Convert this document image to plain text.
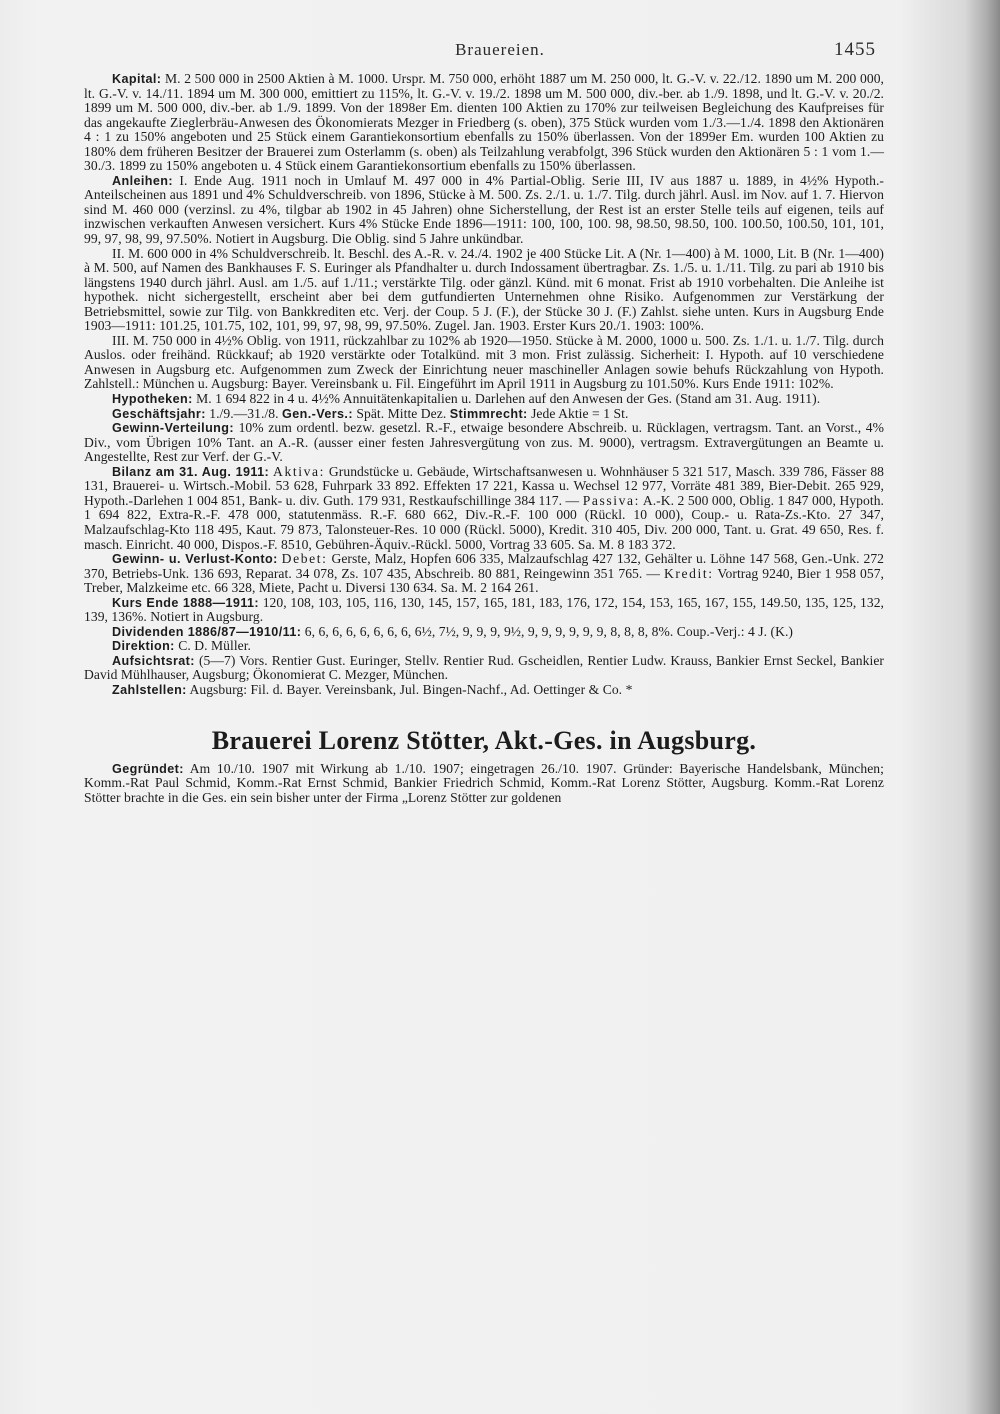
Brauereien.	1455

Kapital: M. 2 500 000 in 2500 Aktien à M. 1000. Urspr. M. 750 000, erhöht 1887 um M. 250 000, lt. G.-V. v. 22./12. 1890 um M. 200 000, lt. G.-V. v. 14./11. 1894 um M. 300 000, emittiert zu 115%, lt. G.-V. v. 19./2. 1898 um M. 500 000, div.-ber. ab 1./9. 1898, und lt. G.-V. v. 20./2. 1899 um M. 500 000, div.-ber. ab 1./9. 1899. Von der 1898er Em. dienten 100 Aktien zu 170% zur teilweisen Begleichung des Kaufpreises für das angekaufte Zieglerbräu-Anwesen des Ökonomierats Mezger in Friedberg (s. oben), 375 Stück wurden vom 1./3.—1./4. 1898 den Aktionären 4 : 1 zu 150% angeboten und 25 Stück einem Garantiekonsortium ebenfalls zu 150% überlassen. Von der 1899er Em. wurden 100 Aktien zu 180% dem früheren Besitzer der Brauerei zum Osterlamm (s. oben) als Teilzahlung verabfolgt, 396 Stück wurden den Aktionären 5 : 1 vom 1.—30./3. 1899 zu 150% angeboten u. 4 Stück einem Garantiekonsortium ebenfalls zu 150% überlassen.

Anleihen: I. Ende Aug. 1911 noch in Umlauf M. 497 000 in 4% Partial-Oblig. Serie III, IV aus 1887 u. 1889, in 4½% Hypoth.-Anteilscheinen aus 1891 und 4% Schuldverschreib. von 1896, Stücke à M. 500. Zs. 2./1. u. 1./7. Tilg. durch jährl. Ausl. im Nov. auf 1. 7. Hiervon sind M. 460 000 (verzinsl. zu 4%, tilgbar ab 1902 in 45 Jahren) ohne Sicherstellung, der Rest ist an erster Stelle teils auf eigenen, teils auf inzwischen verkauften Anwesen versichert. Kurs 4% Stücke Ende 1896—1911: 100, 100, 100. 98, 98.50, 98.50, 100. 100.50, 100.50, 101, 101, 99, 97, 98, 99, 97.50%. Notiert in Augsburg. Die Oblig. sind 5 Jahre unkündbar.

II. M. 600 000 in 4% Schuldverschreib. lt. Beschl. des A.-R. v. 24./4. 1902 je 400 Stücke Lit. A (Nr. 1—400) à M. 1000, Lit. B (Nr. 1—400) à M. 500, auf Namen des Bankhauses F. S. Euringer als Pfandhalter u. durch Indossament übertragbar. Zs. 1./5. u. 1./11. Tilg. zu pari ab 1910 bis längstens 1940 durch jährl. Ausl. am 1./5. auf 1./11.; verstärkte Tilg. oder gänzl. Künd. mit 6 monat. Frist ab 1910 vorbehalten. Die Anleihe ist hypothek. nicht sichergestellt, erscheint aber bei dem gutfundierten Unternehmen ohne Risiko. Aufgenommen zur Verstärkung der Betriebsmittel, sowie zur Tilg. von Bankkrediten etc. Verj. der Coup. 5 J. (F.), der Stücke 30 J. (F.) Zahlst. siehe unten. Kurs in Augsburg Ende 1903—1911: 101.25, 101.75, 102, 101, 99, 97, 98, 99, 97.50%. Zugel. Jan. 1903. Erster Kurs 20./1. 1903: 100%.

III. M. 750 000 in 4½% Oblig. von 1911, rückzahlbar zu 102% ab 1920—1950. Stücke à M. 2000, 1000 u. 500. Zs. 1./1. u. 1./7. Tilg. durch Auslos. oder freihänd. Rückkauf; ab 1920 verstärkte oder Totalkünd. mit 3 mon. Frist zulässig. Sicherheit: I. Hypoth. auf 10 verschiedene Anwesen in Augsburg etc. Aufgenommen zum Zweck der Einrichtung neuer maschineller Anlagen sowie behufs Rückzahlung von Hypoth. Zahlstell.: München u. Augsburg: Bayer. Vereinsbank u. Fil. Eingeführt im April 1911 in Augsburg zu 101.50%. Kurs Ende 1911: 102%.

Hypotheken: M. 1 694 822 in 4 u. 4½% Annuitätenkapitalien u. Darlehen auf den Anwesen der Ges. (Stand am 31. Aug. 1911).

Geschäftsjahr: 1./9.—31./8. Gen.-Vers.: Spät. Mitte Dez. Stimmrecht: Jede Aktie = 1 St.

Gewinn-Verteilung: 10% zum ordentl. bezw. gesetzl. R.-F., etwaige besondere Abschreib. u. Rücklagen, vertragsm. Tant. an Vorst., 4% Div., vom Übrigen 10% Tant. an A.-R. (ausser einer festen Jahresvergütung von zus. M. 9000), vertragsm. Extravergütungen an Beamte u. Angestellte, Rest zur Verf. der G.-V.

Bilanz am 31. Aug. 1911: Aktiva: Grundstücke u. Gebäude, Wirtschaftsanwesen u. Wohnhäuser 5 321 517, Masch. 339 786, Fässer 88 131, Brauerei- u. Wirtsch.-Mobil. 53 628, Fuhrpark 33 892. Effekten 17 221, Kassa u. Wechsel 12 977, Vorräte 481 389, Bier-Debit. 265 929, Hypoth.-Darlehen 1 004 851, Bank- u. div. Guth. 179 931, Restkaufschillinge 384 117. — Passiva: A.-K. 2 500 000, Oblig. 1 847 000, Hypoth. 1 694 822, Extra-R.-F. 478 000, statutenmäss. R.-F. 680 662, Div.-R.-F. 100 000 (Rückl. 10 000), Coup.- u. Rata-Zs.-Kto. 27 347, Malzaufschlag-Kto 118 495, Kaut. 79 873, Talonsteuer-Res. 10 000 (Rückl. 5000), Kredit. 310 405, Div. 200 000, Tant. u. Grat. 49 650, Res. f. masch. Einricht. 40 000, Dispos.-F. 8510, Gebühren-Äquiv.-Rückl. 5000, Vortrag 33 605. Sa. M. 8 183 372.

Gewinn- u. Verlust-Konto: Debet: Gerste, Malz, Hopfen 606 335, Malzaufschlag 427 132, Gehälter u. Löhne 147 568, Gen.-Unk. 272 370, Betriebs-Unk. 136 693, Reparat. 34 078, Zs. 107 435, Abschreib. 80 881, Reingewinn 351 765. — Kredit: Vortrag 9240, Bier 1 958 057, Treber, Malzkeime etc. 66 328, Miete, Pacht u. Diversi 130 634. Sa. M. 2 164 261.

Kurs Ende 1888—1911: 120, 108, 103, 105, 116, 130, 145, 157, 165, 181, 183, 176, 172, 154, 153, 165, 167, 155, 149.50, 135, 125, 132, 139, 136%. Notiert in Augsburg.

Dividenden 1886/87—1910/11: 6, 6, 6, 6, 6, 6, 6, 6, 6½, 7½, 9, 9, 9, 9½, 9, 9, 9, 9, 9, 9, 8, 8, 8, 8%. Coup.-Verj.: 4 J. (K.)

Direktion: C. D. Müller.

Aufsichtsrat: (5—7) Vors. Rentier Gust. Euringer, Stellv. Rentier Rud. Gscheidlen, Rentier Ludw. Krauss, Bankier Ernst Seckel, Bankier David Mühlhauser, Augsburg; Ökonomierat C. Mezger, München.

Zahlstellen: Augsburg: Fil. d. Bayer. Vereinsbank, Jul. Bingen-Nachf., Ad. Oettinger & Co. *

Brauerei Lorenz Stötter, Akt.-Ges. in Augsburg.

Gegründet: Am 10./10. 1907 mit Wirkung ab 1./10. 1907; eingetragen 26./10. 1907. Gründer: Bayerische Handelsbank, München; Komm.-Rat Paul Schmid, Komm.-Rat Ernst Schmid, Bankier Friedrich Schmid, Komm.-Rat Lorenz Stötter, Augsburg. Komm.-Rat Lorenz Stötter brachte in die Ges. ein sein bisher unter der Firma „Lorenz Stötter zur goldenen
